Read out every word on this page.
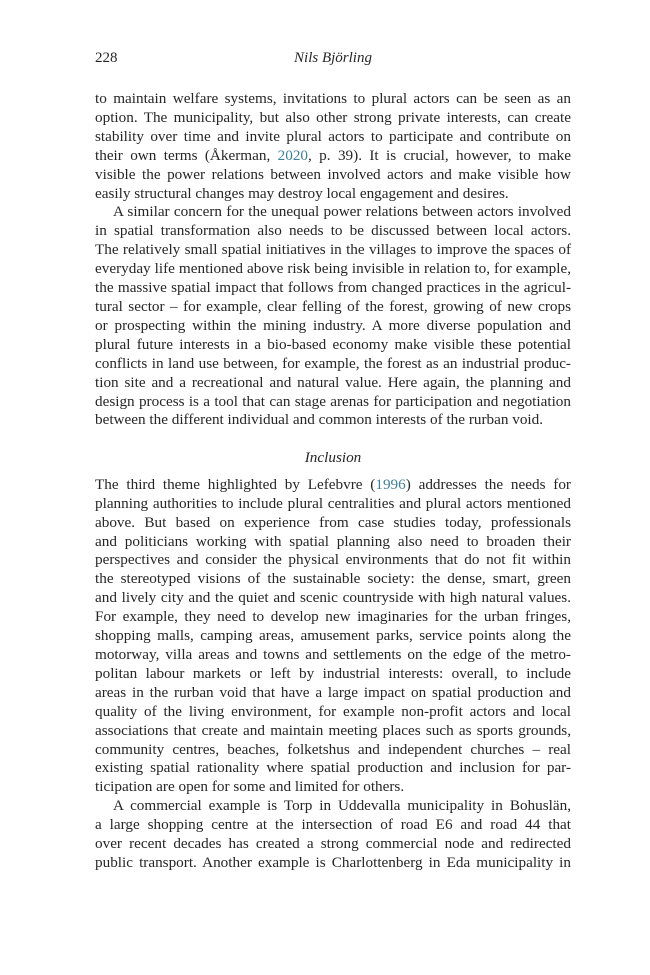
228	Nils Björling
to maintain welfare systems, invitations to plural actors can be seen as an
option. The municipality, but also other strong private interests, can create
stability over time and invite plural actors to participate and contribute on
their own terms (Åkerman, 2020, p. 39). It is crucial, however, to make
visible the power relations between involved actors and make visible how
easily structural changes may destroy local engagement and desires.
A similar concern for the unequal power relations between actors involved
in spatial transformation also needs to be discussed between local actors.
The relatively small spatial initiatives in the villages to improve the spaces of
everyday life mentioned above risk being invisible in relation to, for example,
the massive spatial impact that follows from changed practices in the agricul-
tural sector – for example, clear felling of the forest, growing of new crops
or prospecting within the mining industry. A more diverse population and
plural future interests in a bio-based economy make visible these potential
conflicts in land use between, for example, the forest as an industrial produc-
tion site and a recreational and natural value. Here again, the planning and
design process is a tool that can stage arenas for participation and negotiation
between the different individual and common interests of the rurban void.
Inclusion
The third theme highlighted by Lefebvre (1996) addresses the needs for
planning authorities to include plural centralities and plural actors mentioned
above. But based on experience from case studies today, professionals
and politicians working with spatial planning also need to broaden their
perspectives and consider the physical environments that do not fit within
the stereotyped visions of the sustainable society: the dense, smart, green
and lively city and the quiet and scenic countryside with high natural values.
For example, they need to develop new imaginaries for the urban fringes,
shopping malls, camping areas, amusement parks, service points along the
motorway, villa areas and towns and settlements on the edge of the metro-
politan labour markets or left by industrial interests: overall, to include
areas in the rurban void that have a large impact on spatial production and
quality of the living environment, for example non-profit actors and local
associations that create and maintain meeting places such as sports grounds,
community centres, beaches, folketshus and independent churches – real
existing spatial rationality where spatial production and inclusion for par-
ticipation are open for some and limited for others.
A commercial example is Torp in Uddevalla municipality in Bohuslän,
a large shopping centre at the intersection of road E6 and road 44 that
over recent decades has created a strong commercial node and redirected
public transport. Another example is Charlottenberg in Eda municipality in
